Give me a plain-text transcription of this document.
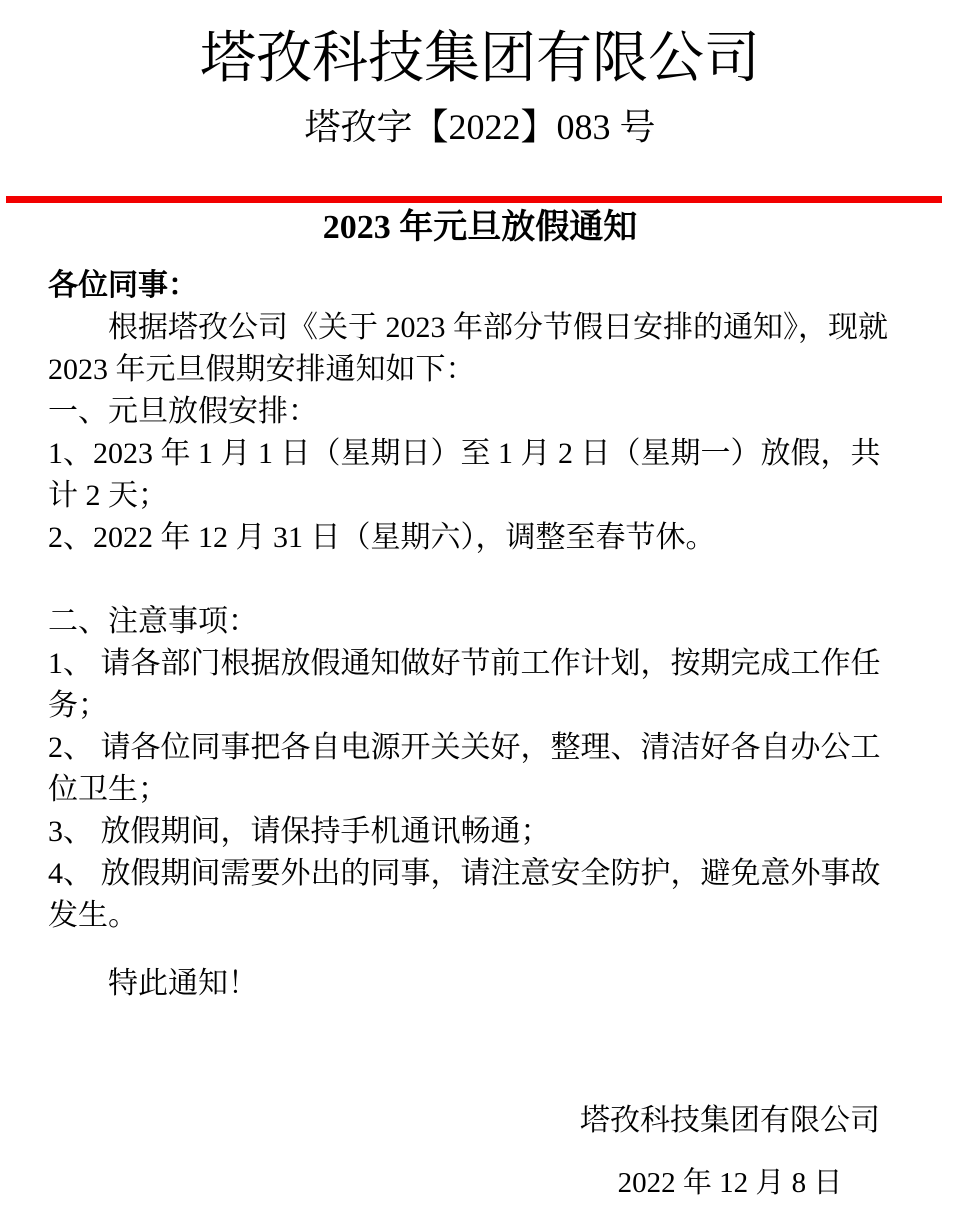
塔孜科技集团有限公司
塔孜字【2022】083 号
2023 年元旦放假通知
各位同事：
根据塔孜公司《关于 2023 年部分节假日安排的通知》，现就
2023 年元旦假期安排通知如下：
一、元旦放假安排：
1、2023 年 1 月 1 日（星期日）至 1 月 2 日（星期一）放假，共
计 2 天；
2、2022 年 12 月 31 日（星期六），调整至春节休。
二、注意事项：
1、 请各部门根据放假通知做好节前工作计划，按期完成工作任
务；
2、 请各位同事把各自电源开关关好，整理、清洁好各自办公工
位卫生；
3、 放假期间，请保持手机通讯畅通；
4、 放假期间需要外出的同事，请注意安全防护，避免意外事故
发生。
特此通知！
塔孜科技集团有限公司
2022 年 12 月 8 日
